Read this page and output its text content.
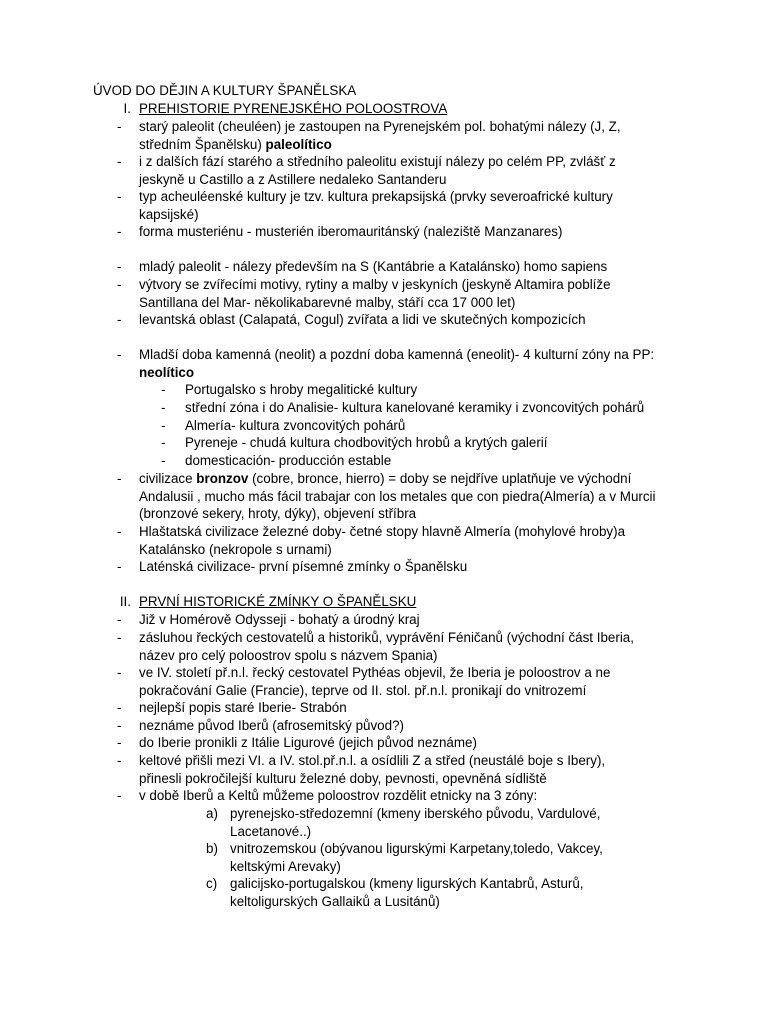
ÚVOD DO DĚJIN A KULTURY ŠPANĚLSKA
I. PREHISTORIE PYRENEJSKÉHO POLOOSTROVA
- starý paleolit (cheuléen) je zastoupen na Pyrenejském pol. bohatými nálezy (J, Z, středním Španělsku) paleolítico
- i z dalších fází starého a středního paleolitu existují nálezy po celém PP, zvlášť z jeskyně u Castillo a z Astillere nedaleko Santanderu
- typ acheuléenské kultury je tzv. kultura prekapsijská (prvky severoafrické kultury kapsijské)
- forma musteriénu - musterién iberomauritánský (naleziště Manzanares)
- mladý paleolit - nálezy především na S (Kantábrie a Katalánsko) homo sapiens
- výtvory se zvířecími motivy, rytiny a malby v jeskyních (jeskyně Altamira poblíže Santillana del Mar- několikabarevné malby, stáří cca 17 000 let)
- levantská oblast (Calapatá, Cogul) zvířata a lidi ve skutečných kompozicích
- Mladší doba kamenná (neolit) a pozdní doba kamenná (eneolit)- 4 kulturní zóny na PP: neolítico
- Portugalsko s hroby megalitické kultury
- střední zóna i do Analisie- kultura kanelované keramiky i zvoncovitých pohárů
- Almería- kultura zvoncovitých pohárů
- Pyreneje - chudá kultura chodbovitých hrobů a krytých galerií
- domesticación- producción estable
- civilizace bronzov (cobre, bronce, hierro) = doby se nejdříve uplatňuje ve východní Andalusii , mucho más fácil trabajar con los metales que con piedra(Almería) a v Murcii (bronzové sekery, hroty, dýky), objevení stříbra
- Hlaštatská civilizace železné doby- četné stopy hlavně Almería (mohylové hroby)a Katalánsko (nekropole s urnami)
- Laténská civilizace- první písemné zmínky o Španělsku
II. PRVNÍ HISTORICKÉ ZMÍNKY O ŠPANĚLSKU
- Již v Homérově Odysseji - bohatý a úrodný kraj
- zásluhou řeckých cestovatelů a historiků, vyprávění Féničanů (východní část Iberia, název pro celý poloostrov spolu s názvem Spania)
- ve IV. století př.n.l. řecký cestovatel Pythéas objevil, že Iberia je poloostrov a ne pokračování Galie (Francie), teprve od II. stol. př.n.l. pronikají do vnitrozemí
- nejlepší popis staré Iberie- Strabón
- neznáme původ Iberů (afrosemitský původ?)
- do Iberie pronikli z Itálie Ligurové (jejich původ neznáme)
- keltové přišli mezi VI. a IV. stol.př.n.l. a osídlili Z a střed (neustálé boje s Ibery), přinesli pokročilejší kulturu železné doby, pevnosti, opevněná sídliště
- v době Iberů a Keltů můžeme poloostrov rozdělit etnicky na 3 zóny:
a) pyrenejsko-středozemní (kmeny iberského původu, Vardulové, Lacetanové..)
b) vnitrozemskou (obývanou ligurskými Karpetany,toledo, Vakcey, keltskými Arevaky)
c) galicijsko-portugalskou (kmeny ligurských Kantabrů, Asturů, keltoligurských Gallaiků a Lusitánů)
